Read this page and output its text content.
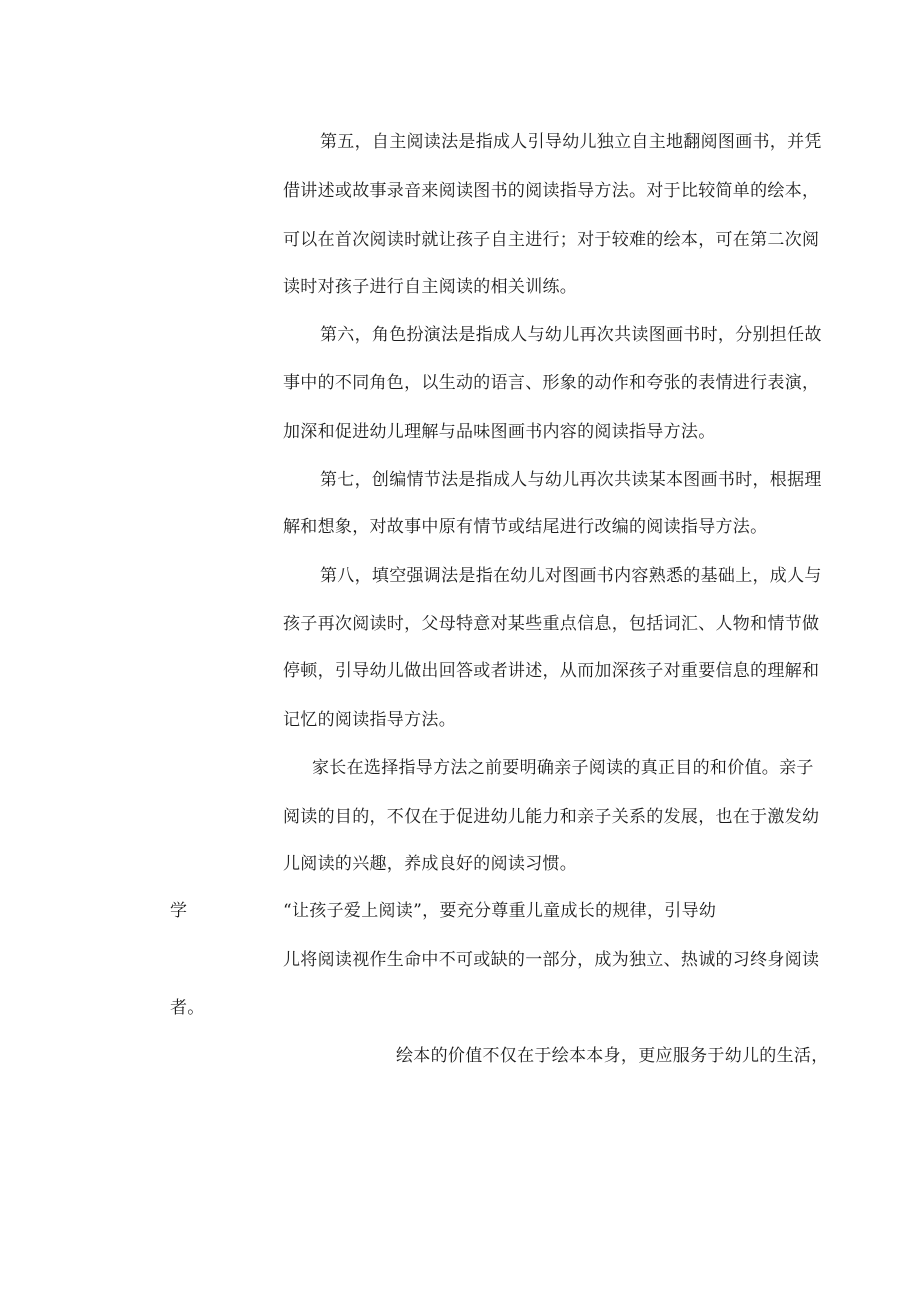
第五，自主阅读法是指成人引导幼儿独立自主地翻阅图画书，并凭
借讲述或故事录音来阅读图书的阅读指导方法。对于比较简单的绘本，
可以在首次阅读时就让孩子自主进行；对于较难的绘本，可在第二次阅
读时对孩子进行自主阅读的相关训练。
第六，角色扮演法是指成人与幼儿再次共读图画书时，分别担任故
事中的不同角色，以生动的语言、形象的动作和夸张的表情进行表演，
加深和促进幼儿理解与品味图画书内容的阅读指导方法。
第七，创编情节法是指成人与幼儿再次共读某本图画书时，根据理
解和想象，对故事中原有情节或结尾进行改编的阅读指导方法。
第八，填空强调法是指在幼儿对图画书内容熟悉的基础上，成人与
孩子再次阅读时，父母特意对某些重点信息，包括词汇、人物和情节做
停顿，引导幼儿做出回答或者讲述，从而加深孩子对重要信息的理解和
记忆的阅读指导方法。
家长在选择指导方法之前要明确亲子阅读的真正目的和价值。亲子
阅读的目的，不仅在于促进幼儿能力和亲子关系的发展，也在于激发幼
儿阅读的兴趣，养成良好的阅读习惯。
学	“让孩子爱上阅读”，要充分尊重儿童成长的规律，引导幼
儿将阅读视作生命中不可或缺的一部分，成为独立、热诚的习终身阅读
者。
绘本的价值不仅在于绘本本身，更应服务于幼儿的生活，
